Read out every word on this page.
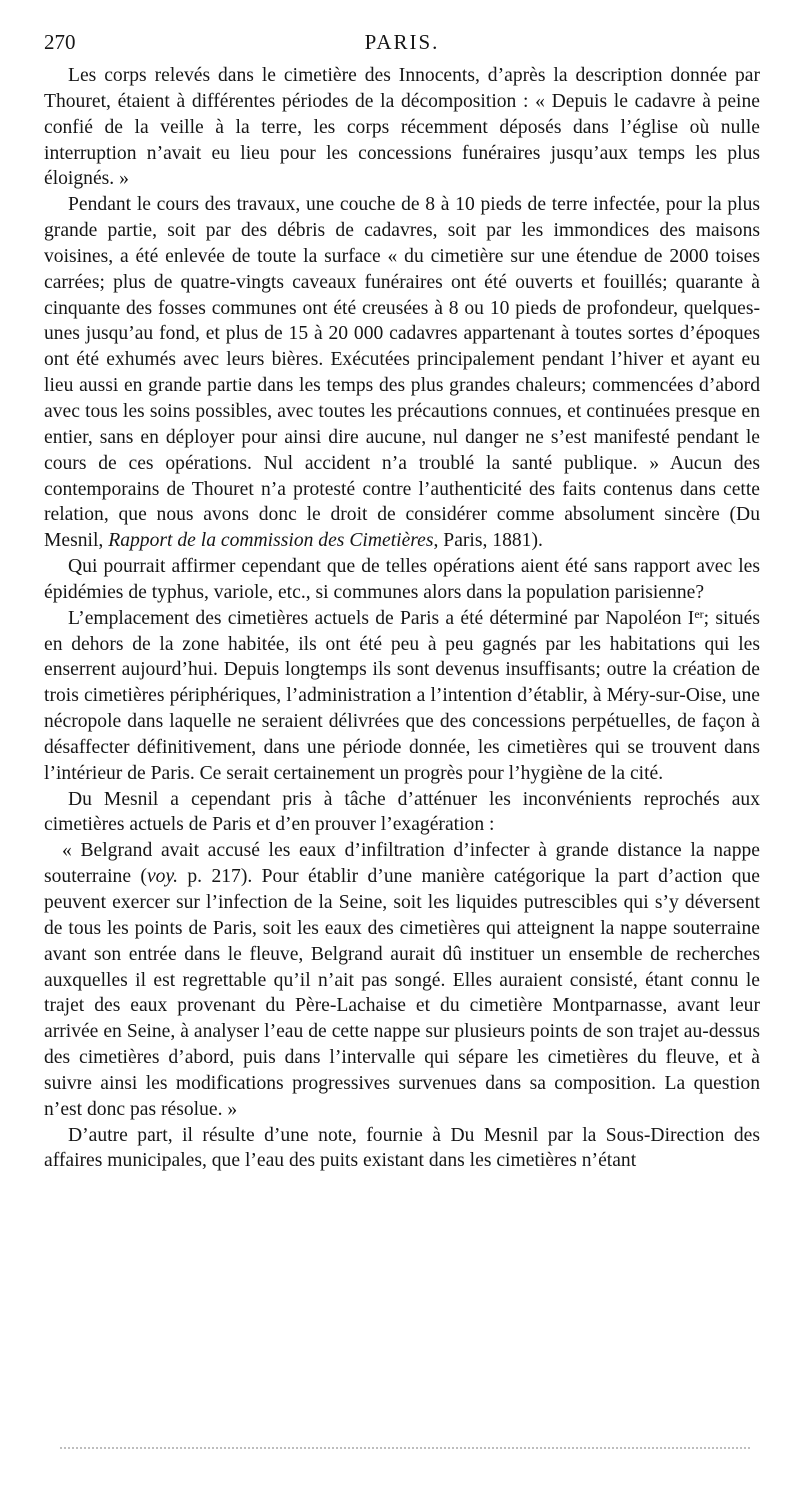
270	PARIS.

Les corps relevés dans le cimetière des Innocents, d’après la description donnée par Thouret, étaient à différentes périodes de la décomposition : « Depuis le cadavre à peine confié de la veille à la terre, les corps récemment déposés dans l’église où nulle interruption n’avait eu lieu pour les concessions funéraires jusqu’aux temps les plus éloignés. »

Pendant le cours des travaux, une couche de 8 à 10 pieds de terre infectée, pour la plus grande partie, soit par des débris de cadavres, soit par les immondices des maisons voisines, a été enlevée de toute la surface « du cimetière sur une étendue de 2000 toises carrées; plus de quatre-vingts caveaux funéraires ont été ouverts et fouillés; quarante à cinquante des fosses communes ont été creusées à 8 ou 10 pieds de profondeur, quelques-unes jusqu’au fond, et plus de 15 à 20 000 cadavres appartenant à toutes sortes d’époques ont été exhumés avec leurs bières. Exécutées principalement pendant l’hiver et ayant eu lieu aussi en grande partie dans les temps des plus grandes chaleurs; commencées d’abord avec tous les soins possibles, avec toutes les précautions connues, et continuées presque en entier, sans en déployer pour ainsi dire aucune, nul danger ne s’est manifesté pendant le cours de ces opérations. Nul accident n’a troublé la santé publique. » Aucun des contemporains de Thouret n’a protesté contre l’authenticité des faits contenus dans cette relation, que nous avons donc le droit de considérer comme absolument sincère (Du Mesnil, Rapport de la commission des Cimetières, Paris, 1881).

Qui pourrait affirmer cependant que de telles opérations aient été sans rapport avec les épidémies de typhus, variole, etc., si communes alors dans la population parisienne?

L’emplacement des cimetières actuels de Paris a été déterminé par Napoléon Ier; situés en dehors de la zone habitée, ils ont été peu à peu gagnés par les habitations qui les enserrent aujourd’hui. Depuis longtemps ils sont devenus insuffisants; outre la création de trois cimetières périphériques, l’administration a l’intention d’établir, à Méry-sur-Oise, une nécropole dans laquelle ne seraient délivrées que des concessions perpétuelles, de façon à désaffecter définitivement, dans une période donnée, les cimetières qui se trouvent dans l’intérieur de Paris. Ce serait certainement un progrès pour l’hygiène de la cité.

Du Mesnil a cependant pris à tâche d’atténuer les inconvénients reprochés aux cimetières actuels de Paris et d’en prouver l’exagération :

« Belgrand avait accusé les eaux d’infiltration d’infecter à grande distance la nappe souterraine (voy. p. 217). Pour établir d’une manière catégorique la part d’action que peuvent exercer sur l’infection de la Seine, soit les liquides putrescibles qui s’y déversent de tous les points de Paris, soit les eaux des cimetières qui atteignent la nappe souterraine avant son entrée dans le fleuve, Belgrand aurait dû instituer un ensemble de recherches auxquelles il est regrettable qu’il n’ait pas songé. Elles auraient consisté, étant connu le trajet des eaux provenant du Père-Lachaise et du cimetière Montparnasse, avant leur arrivée en Seine, à analyser l’eau de cette nappe sur plusieurs points de son trajet au-dessus des cimetières d’abord, puis dans l’intervalle qui sépare les cimetières du fleuve, et à suivre ainsi les modifications progressives survenues dans sa composition. La question n’est donc pas résolue. »

D’autre part, il résulte d’une note, fournie à Du Mesnil par la Sous-Direction des affaires municipales, que l’eau des puits existant dans les cimetières n’étant
